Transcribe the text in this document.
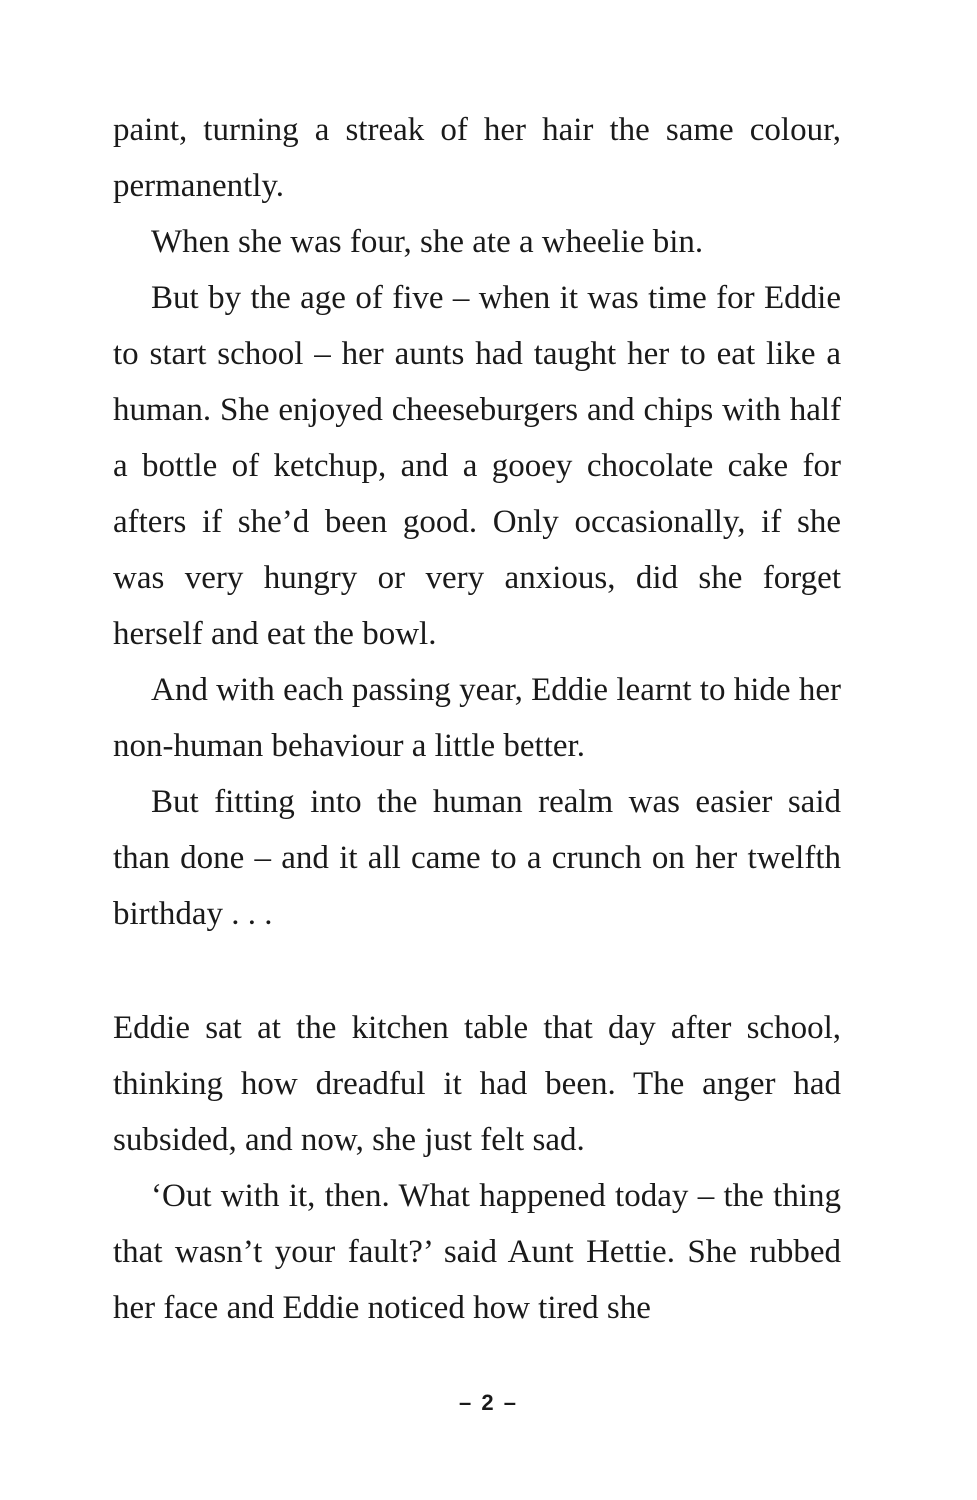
paint, turning a streak of her hair the same colour, permanently.

When she was four, she ate a wheelie bin.

But by the age of five – when it was time for Eddie to start school – her aunts had taught her to eat like a human. She enjoyed cheeseburgers and chips with half a bottle of ketchup, and a gooey chocolate cake for afters if she’d been good. Only occasionally, if she was very hungry or very anxious, did she forget herself and eat the bowl.

And with each passing year, Eddie learnt to hide her non-human behaviour a little better.

But fitting into the human realm was easier said than done – and it all came to a crunch on her twelfth birthday . . .

Eddie sat at the kitchen table that day after school, thinking how dreadful it had been. The anger had subsided, and now, she just felt sad.

‘Out with it, then. What happened today – the thing that wasn’t your fault?’ said Aunt Hettie. She rubbed her face and Eddie noticed how tired she

– 2 –
